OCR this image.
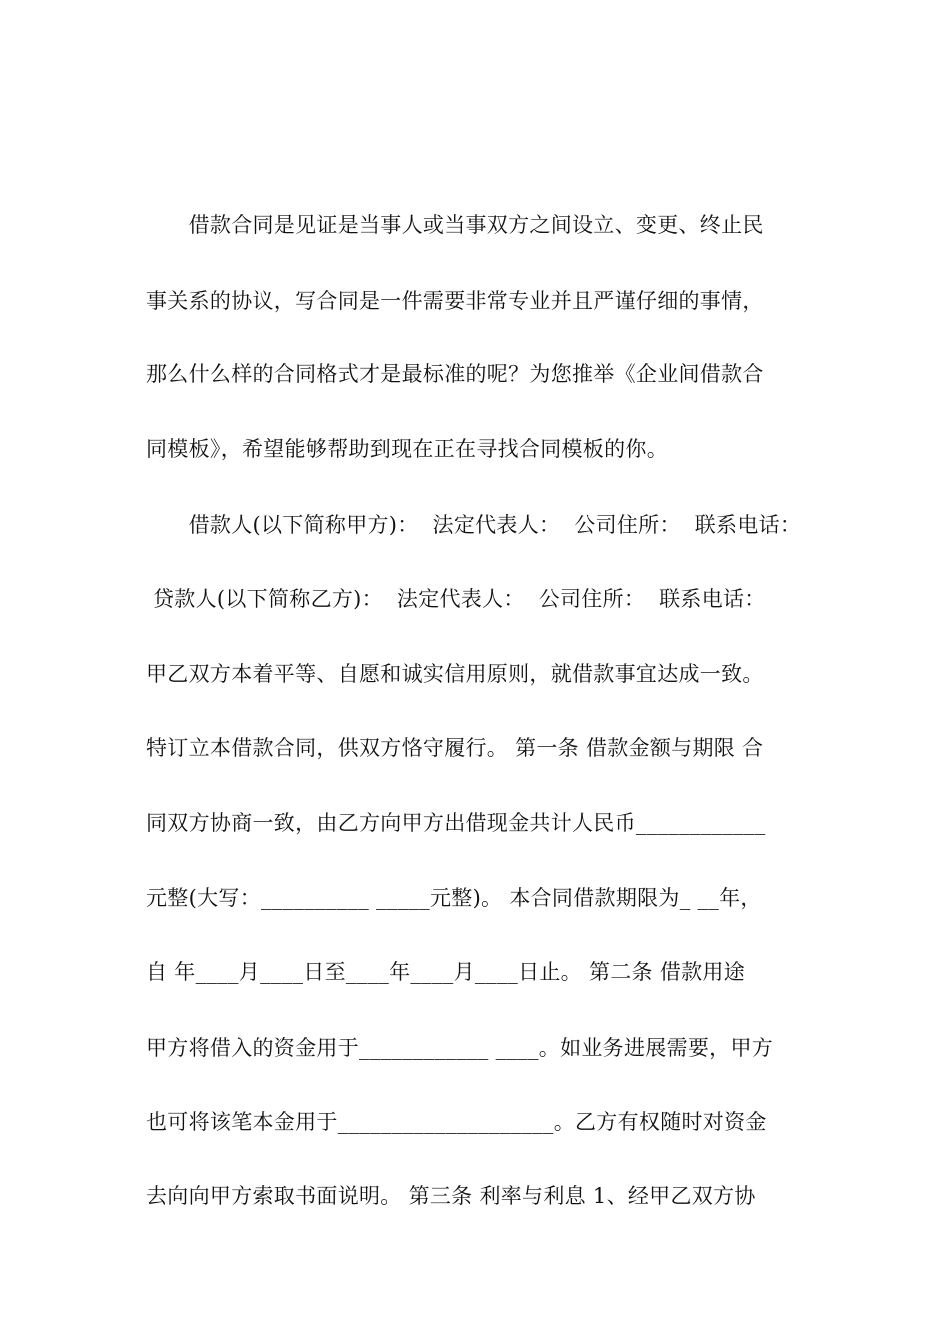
　　借款合同是见证是当事人或当事双方之间设立、变更、终止民
事关系的协议，写合同是一件需要非常专业并且严谨仔细的事情，
那么什么样的合同格式才是最标准的呢？为您推举《企业间借款合
同模板》，希望能够帮助到现在正在寻找合同模板的你。
　　借款人(以下简称甲方)：  法定代表人：  公司住所：  联系电话：
贷款人(以下简称乙方)：  法定代表人：  公司住所：  联系电话：
甲乙双方本着平等、自愿和诚实信用原则，就借款事宜达成一致。
特订立本借款合同，供双方恪守履行。 第一条 借款金额与期限 合
同双方协商一致，由乙方向甲方出借现金共计人民币____________
元整(大写：__________ _____元整)。 本合同借款期限为_ __年，
自 年____月____日至____年____月____日止。 第二条 借款用途
甲方将借入的资金用于____________ ____。如业务进展需要，甲方
也可将该笔本金用于____________________。乙方有权随时对资金
去向向甲方索取书面说明。 第三条 利率与利息 1、经甲乙双方协
